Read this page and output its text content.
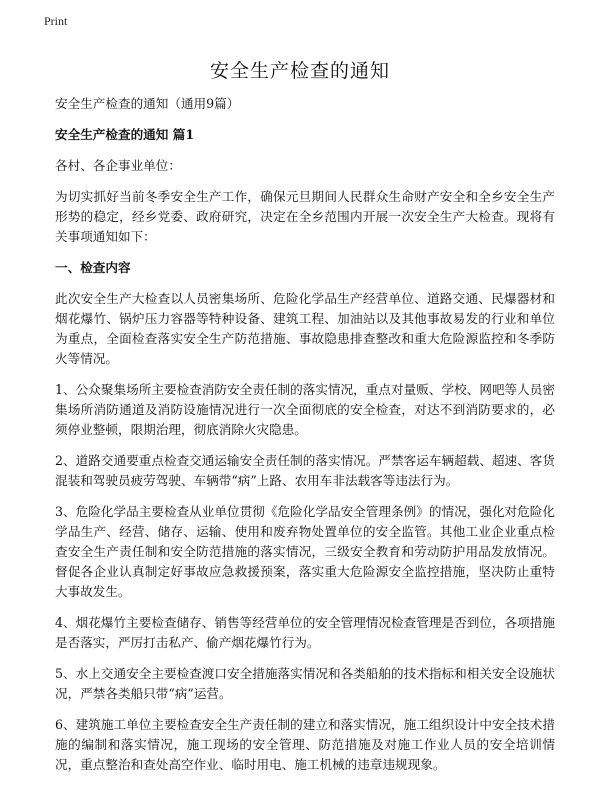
Print
安全生产检查的通知

安全生产检查的通知（通用9篇）

安全生产检查的通知 篇1

各村、各企事业单位：

为切实抓好当前冬季安全生产工作，确保元旦期间人民群众生命财产安全和全乡安全生产形势的稳定，经乡党委、政府研究，决定在全乡范围内开展一次安全生产大检查。现将有关事项通知如下：

一、检查内容

此次安全生产大检查以人员密集场所、危险化学品生产经营单位、道路交通、民爆器材和烟花爆竹、锅炉压力容器等特种设备、建筑工程、加油站以及其他事故易发的行业和单位为重点，全面检查落实安全生产防范措施、事故隐患排查整改和重大危险源监控和冬季防火等情况。

1、公众聚集场所主要检查消防安全责任制的落实情况，重点对量贩、学校、网吧等人员密集场所消防通道及消防设施情况进行一次全面彻底的安全检查，对达不到消防要求的，必须停业整顿，限期治理，彻底消除火灾隐患。

2、道路交通要重点检查交通运输安全责任制的落实情况。严禁客运车辆超载、超速、客货混装和驾驶员疲劳驾驶、车辆带“病”上路、农用车非法载客等违法行为。

3、危险化学品主要检查从业单位贯彻《危险化学品安全管理条例》的情况，强化对危险化学品生产、经营、储存、运输、使用和废弃物处置单位的安全监管。其他工业企业重点检查安全生产责任制和安全防范措施的落实情况，三级安全教育和劳动防护用品发放情况。督促各企业认真制定好事故应急救援预案，落实重大危险源安全监控措施，坚决防止重特大事故发生。

4、烟花爆竹主要检查储存、销售等经营单位的安全管理情况检查管理是否到位，各项措施是否落实，严厉打击私产、偷产烟花爆竹行为。

5、水上交通安全主要检查渡口安全措施落实情况和各类船舶的技术指标和相关安全设施状况，严禁各类船只带“病”运营。

6、建筑施工单位主要检查安全生产责任制的建立和落实情况，施工组织设计中安全技术措施的编制和落实情况，施工现场的安全管理、防范措施及对施工作业人员的安全培训情况，重点整治和查处高空作业、临时用电、施工机械的违章违规现象。
